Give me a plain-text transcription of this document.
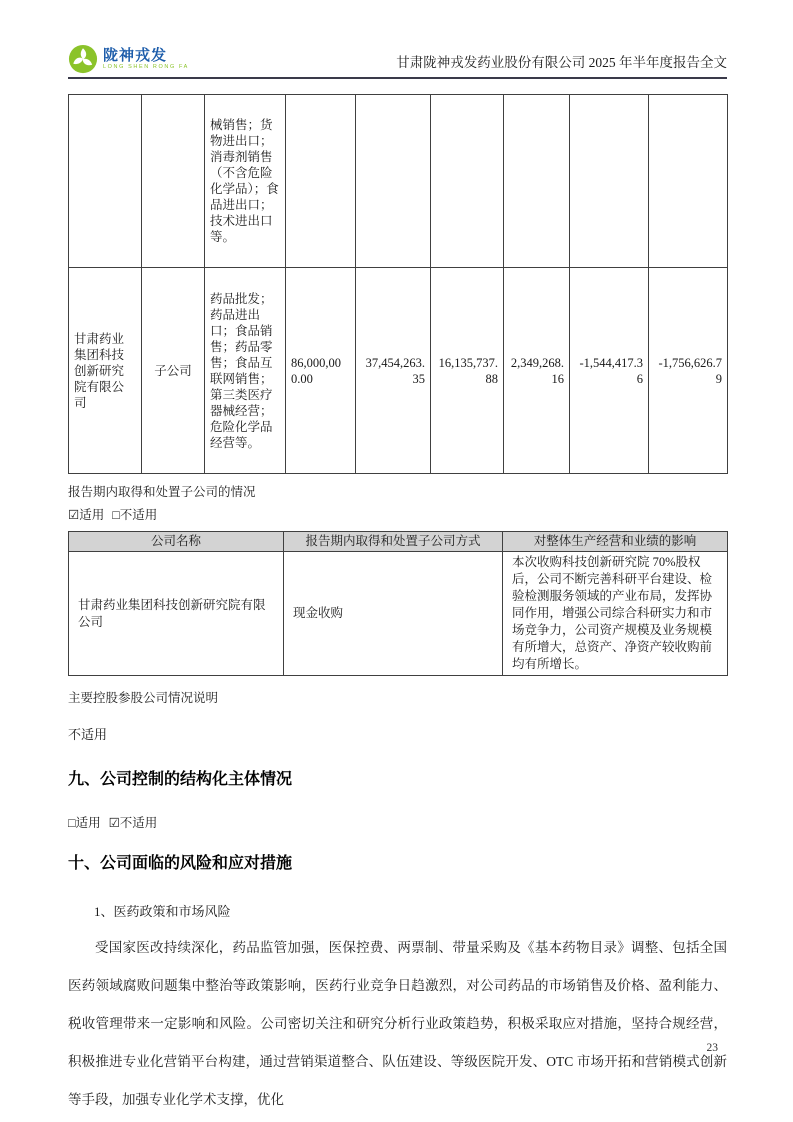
陇神戎发
LONG SHEN RONG FA	甘肃陇神戎发药业股份有限公司 2025 年半年度报告全文
		械销售；货物进出口；消毒剂销售（不含危险化学品）；食品进出口；技术进出口等。						
甘肃药业集团科技创新研究院有限公司	子公司	药品批发；药品进出口；食品销售；药品零售；食品互联网销售；第三类医疗器械经营；危险化学品经营等。	86,000,000.00	37,454,263.35	16,135,737.88	2,349,268.16	-1,544,417.36	-1,756,626.79

报告期内取得和处置子公司的情况

☑适用 □不适用

公司名称	报告期内取得和处置子公司方式	对整体生产经营和业绩的影响
甘肃药业集团科技创新研究院有限公司	现金收购	本次收购科技创新研究院 70%股权后，公司不断完善科研平台建设、检验检测服务领域的产业布局，发挥协同作用，增强公司综合科研实力和市场竞争力，公司资产规模及业务规模有所增大，总资产、净资产较收购前均有所增长。

主要控股参股公司情况说明

不适用

九、公司控制的结构化主体情况

□适用 ☑不适用

十、公司面临的风险和应对措施

1、医药政策和市场风险

受国家医改持续深化，药品监管加强，医保控费、两票制、带量采购及《基本药物目录》调整、包括全国医药领域腐败问题集中整治等政策影响，医药行业竞争日趋激烈，对公司药品的市场销售及价格、盈利能力、税收管理带来一定影响和风险。公司密切关注和研究分析行业政策趋势，积极采取应对措施，坚持合规经营，积极推进专业化营销平台构建，通过营销渠道整合、队伍建设、等级医院开发、OTC 市场开拓和营销模式创新等手段，加强专业化学术支撑，优化

23
